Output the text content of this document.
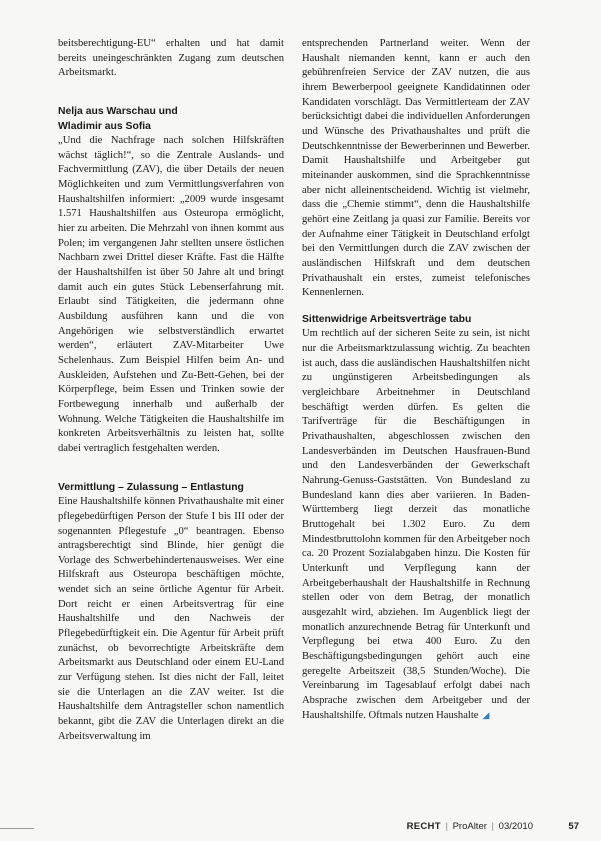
beitsberechtigung-EU“ erhalten und hat damit bereits uneingeschränkten Zugang zum deutschen Arbeitsmarkt.

Nelja aus Warschau und
Wladimir aus Sofia

„Und die Nachfrage nach solchen Hilfskräften wächst täglich!“, so die Zentrale Auslands- und Fachvermittlung (ZAV), die über Details der neuen Möglichkeiten und zum Vermittlungsverfahren von Haushaltshilfen informiert: „2009 wurde insgesamt 1.571 Haushaltshilfen aus Osteuropa ermöglicht, hier zu arbeiten. Die Mehrzahl von ihnen kommt aus Polen; im vergangenen Jahr stellten unsere östlichen Nachbarn zwei Drittel dieser Kräfte. Fast die Hälfte der Haushaltshilfen ist über 50 Jahre alt und bringt damit auch ein gutes Stück Lebenserfahrung mit. Erlaubt sind Tätigkeiten, die jedermann ohne Ausbildung ausführen kann und die von Angehörigen wie selbstverständlich erwartet werden“, erläutert ZAV-Mitarbeiter Uwe Schelenhaus. Zum Beispiel Hilfen beim An- und Auskleiden, Aufstehen und Zu-Bett-Gehen, bei der Körperpflege, beim Essen und Trinken sowie der Fortbewegung innerhalb und außerhalb der Wohnung. Welche Tätigkeiten die Haushaltshilfe im konkreten Arbeitsverhältnis zu leisten hat, sollte dabei vertraglich festgehalten werden.

Vermittlung – Zulassung – Entlastung

Eine Haushaltshilfe können Privathaushalte mit einer pflegebedürftigen Person der Stufe I bis III oder der sogenannten Pflegestufe „0“ beantragen. Ebenso antragsberechtigt sind Blinde, hier genügt die Vorlage des Schwerbehindertenausweises. Wer eine Hilfskraft aus Osteuropa beschäftigen möchte, wendet sich an seine örtliche Agentur für Arbeit. Dort reicht er einen Arbeitsvertrag für eine Haushaltshilfe und den Nachweis der Pflegebedürftigkeit ein. Die Agentur für Arbeit prüft zunächst, ob bevorrechtigte Arbeitskräfte dem Arbeitsmarkt aus Deutschland oder einem EU-Land zur Verfügung stehen. Ist dies nicht der Fall, leitet sie die Unterlagen an die ZAV weiter. Ist die Haushaltshilfe dem Antragsteller schon namentlich bekannt, gibt die ZAV die Unterlagen direkt an die Arbeitsverwaltung im

entsprechenden Partnerland weiter. Wenn der Haushalt niemanden kennt, kann er auch den gebührenfreien Service der ZAV nutzen, die aus ihrem Bewerberpool geeignete Kandidatinnen oder Kandidaten vorschlägt. Das Vermittlerteam der ZAV berücksichtigt dabei die individuellen Anforderungen und Wünsche des Privathaushaltes und prüft die Deutschkenntnisse der Bewerberinnen und Bewerber. Damit Haushaltshilfe und Arbeitgeber gut miteinander auskommen, sind die Sprachkenntnisse aber nicht alleinentscheidend. Wichtig ist vielmehr, dass die „Chemie stimmt“, denn die Haushaltshilfe gehört eine Zeitlang ja quasi zur Familie. Bereits vor der Aufnahme einer Tätigkeit in Deutschland erfolgt bei den Vermittlungen durch die ZAV zwischen der ausländischen Hilfskraft und dem deutschen Privathaushalt ein erstes, zumeist telefonisches Kennenlernen.

Sittenwidrige Arbeitsverträge tabu

Um rechtlich auf der sicheren Seite zu sein, ist nicht nur die Arbeitsmarktzulassung wichtig. Zu beachten ist auch, dass die ausländischen Haushaltshilfen nicht zu ungünstigeren Arbeitsbedingungen als vergleichbare Arbeitnehmer in Deutschland beschäftigt werden dürfen. Es gelten die Tarifverträge für die Beschäftigungen in Privathaushalten, abgeschlossen zwischen den Landesverbänden im Deutschen Hausfrauen-Bund und den Landesverbänden der Gewerkschaft Nahrung-Genuss-Gaststätten. Von Bundesland zu Bundesland kann dies aber variieren. In Baden-Württemberg liegt derzeit das monatliche Bruttogehalt bei 1.302 Euro. Zu dem Mindestbruttolohn kommen für den Arbeitgeber noch ca. 20 Prozent Sozialabgaben hinzu. Die Kosten für Unterkunft und Verpflegung kann der Arbeitgeberhaushalt der Haushaltshilfe in Rechnung stellen oder von dem Betrag, der monatlich ausgezahlt wird, abziehen. Im Augenblick liegt der monatlich anzurechnende Betrag für Unterkunft und Verpflegung bei etwa 400 Euro. Zu den Beschäftigungsbedingungen gehört auch eine geregelte Arbeitszeit (38,5 Stunden/Woche). Die Vereinbarung im Tagesablauf erfolgt dabei nach Absprache zwischen dem Arbeitgeber und der Haushaltshilfe. Oftmals nutzen Haushalte ◢

RECHT | ProAlter | 03/2010	57
